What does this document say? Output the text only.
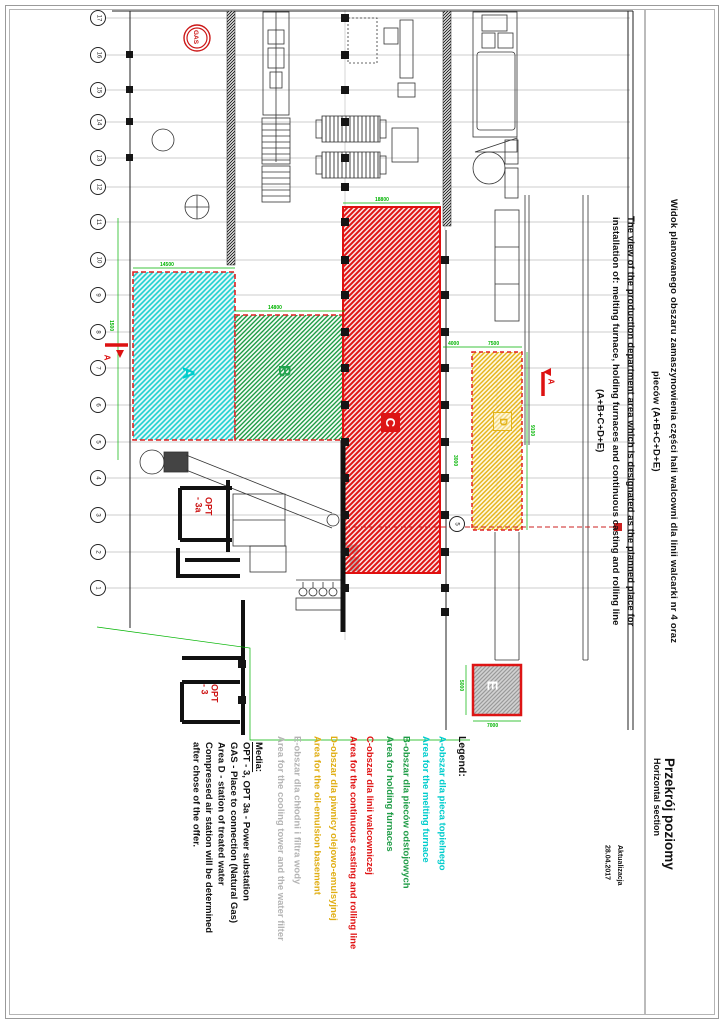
17
16
15
14
13
12
11
10
9
8
7
6
5
4
3
2
1
5
A	B
C	D
E
GAS
OPT
- 3a
OPT
- 3
A
A
14500
14800
18800
4000	7500
9100
3000
5000
7000
1500	Widok planowanego obszaru zamaszynowienia części hali walcowni dla linii walcarki nr 4 oraz
pieców (A+B+C+D+E)
The view of the production department area which is designated as the planned place for
installation of: melting furnace, holding furnaces and continuous casting and rolling line
(A+B+C+D+E)
Przekrój poziomy
Horizontal section
Aktualizacja
28.04.2017
Legend:
A-obszar dla pieca topielnego
Area for the melting furnace
B-obszar dla pieców odstojowych
Area for holding furnaces
C-obszar dla linii walcowniczej
Area for the continuous casting and rolling line
D-obszar dla piwnicy olejowo-emulsyjnej
Area for the oil-emulsion basement
E-obszar dla chłodni i filtra wody
Area for the cooling tower and the water filter
Media:
OPT - 3, OPT 3a - Power substation
GAS - Place to connection (Natural Gas)
Area D - station of treated water
Compressed air station will be determined
after chose of the offer.
